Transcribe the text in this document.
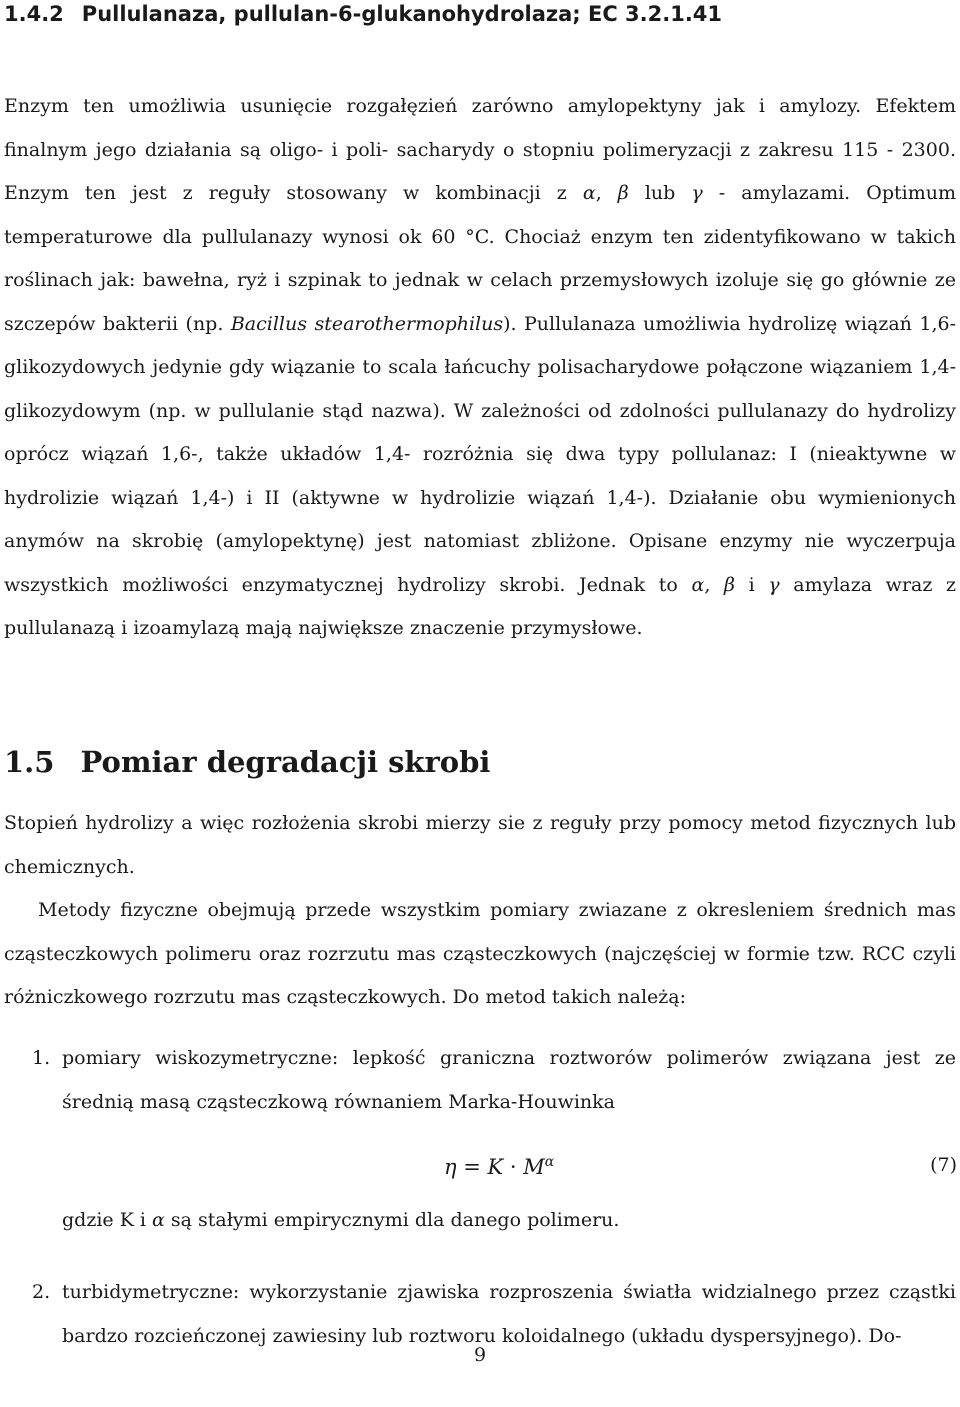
1.4.2 Pullulanaza, pullulan-6-glukanohydrolaza; EC 3.2.1.41

Enzym ten umożliwia usunięcie rozgałęzień zarówno amylopektyny jak i amylozy. Efektem finalnym jego działania są oligo- i poli- sacharydy o stopniu polimeryzacji z zakresu 115 - 2300. Enzym ten jest z reguły stosowany w kombinacji z α, β lub γ - amylazami. Optimum temperaturowe dla pullulanazy wynosi ok 60 °C. Chociaż enzym ten zidentyfikowano w takich roślinach jak: bawełna, ryż i szpinak to jednak w celach przemysłowych izoluje się go głównie ze szczepów bakterii (np. Bacillus stearothermophilus). Pullulanaza umożliwia hydrolizę wiązań 1,6- glikozydowych jedynie gdy wiązanie to scala łańcuchy polisacharydowe połączone wiązaniem 1,4-glikozydowym (np. w pullulanie stąd nazwa). W zależności od zdolności pullulanazy do hydrolizy oprócz wiązań 1,6-, także układów 1,4- rozróżnia się dwa typy pollulanaz: I (nieaktywne w hydrolizie wiązań 1,4-) i II (aktywne w hydrolizie wiązań 1,4-). Działanie obu wymienionych anymów na skrobię (amylopektynę) jest natomiast zbliżone. Opisane enzymy nie wyczerpuja wszystkich możliwości enzymatycznej hydrolizy skrobi. Jednak to α, β i γ amylaza wraz z pullulanazą i izoamylazą mają największe znaczenie przymysłowe.

1.5 Pomiar degradacji skrobi

Stopień hydrolizy a więc rozłożenia skrobi mierzy sie z reguły przy pomocy metod fizycznych lub chemicznych.

Metody fizyczne obejmują przede wszystkim pomiary zwiazane z okresleniem średnich mas cząsteczkowych polimeru oraz rozrzutu mas cząsteczkowych (najczęściej w formie tzw. RCC czyli różniczkowego rozrzutu mas cząsteczkowych. Do metod takich należą:

1. pomiary wiskozymetryczne: lepkość graniczna roztworów polimerów związana jest ze średnią masą cząsteczkową równaniem Marka-Houwinka
$\eta = K \cdot M^\alpha$	(7)
gdzie K i α są stałymi empirycznymi dla danego polimeru.
2. turbidymetryczne: wykorzystanie zjawiska rozproszenia światła widzialnego przez cząstki bardzo rozcieńczonej zawiesiny lub roztworu koloidalnego (układu dyspersyjnego). Do-
9
